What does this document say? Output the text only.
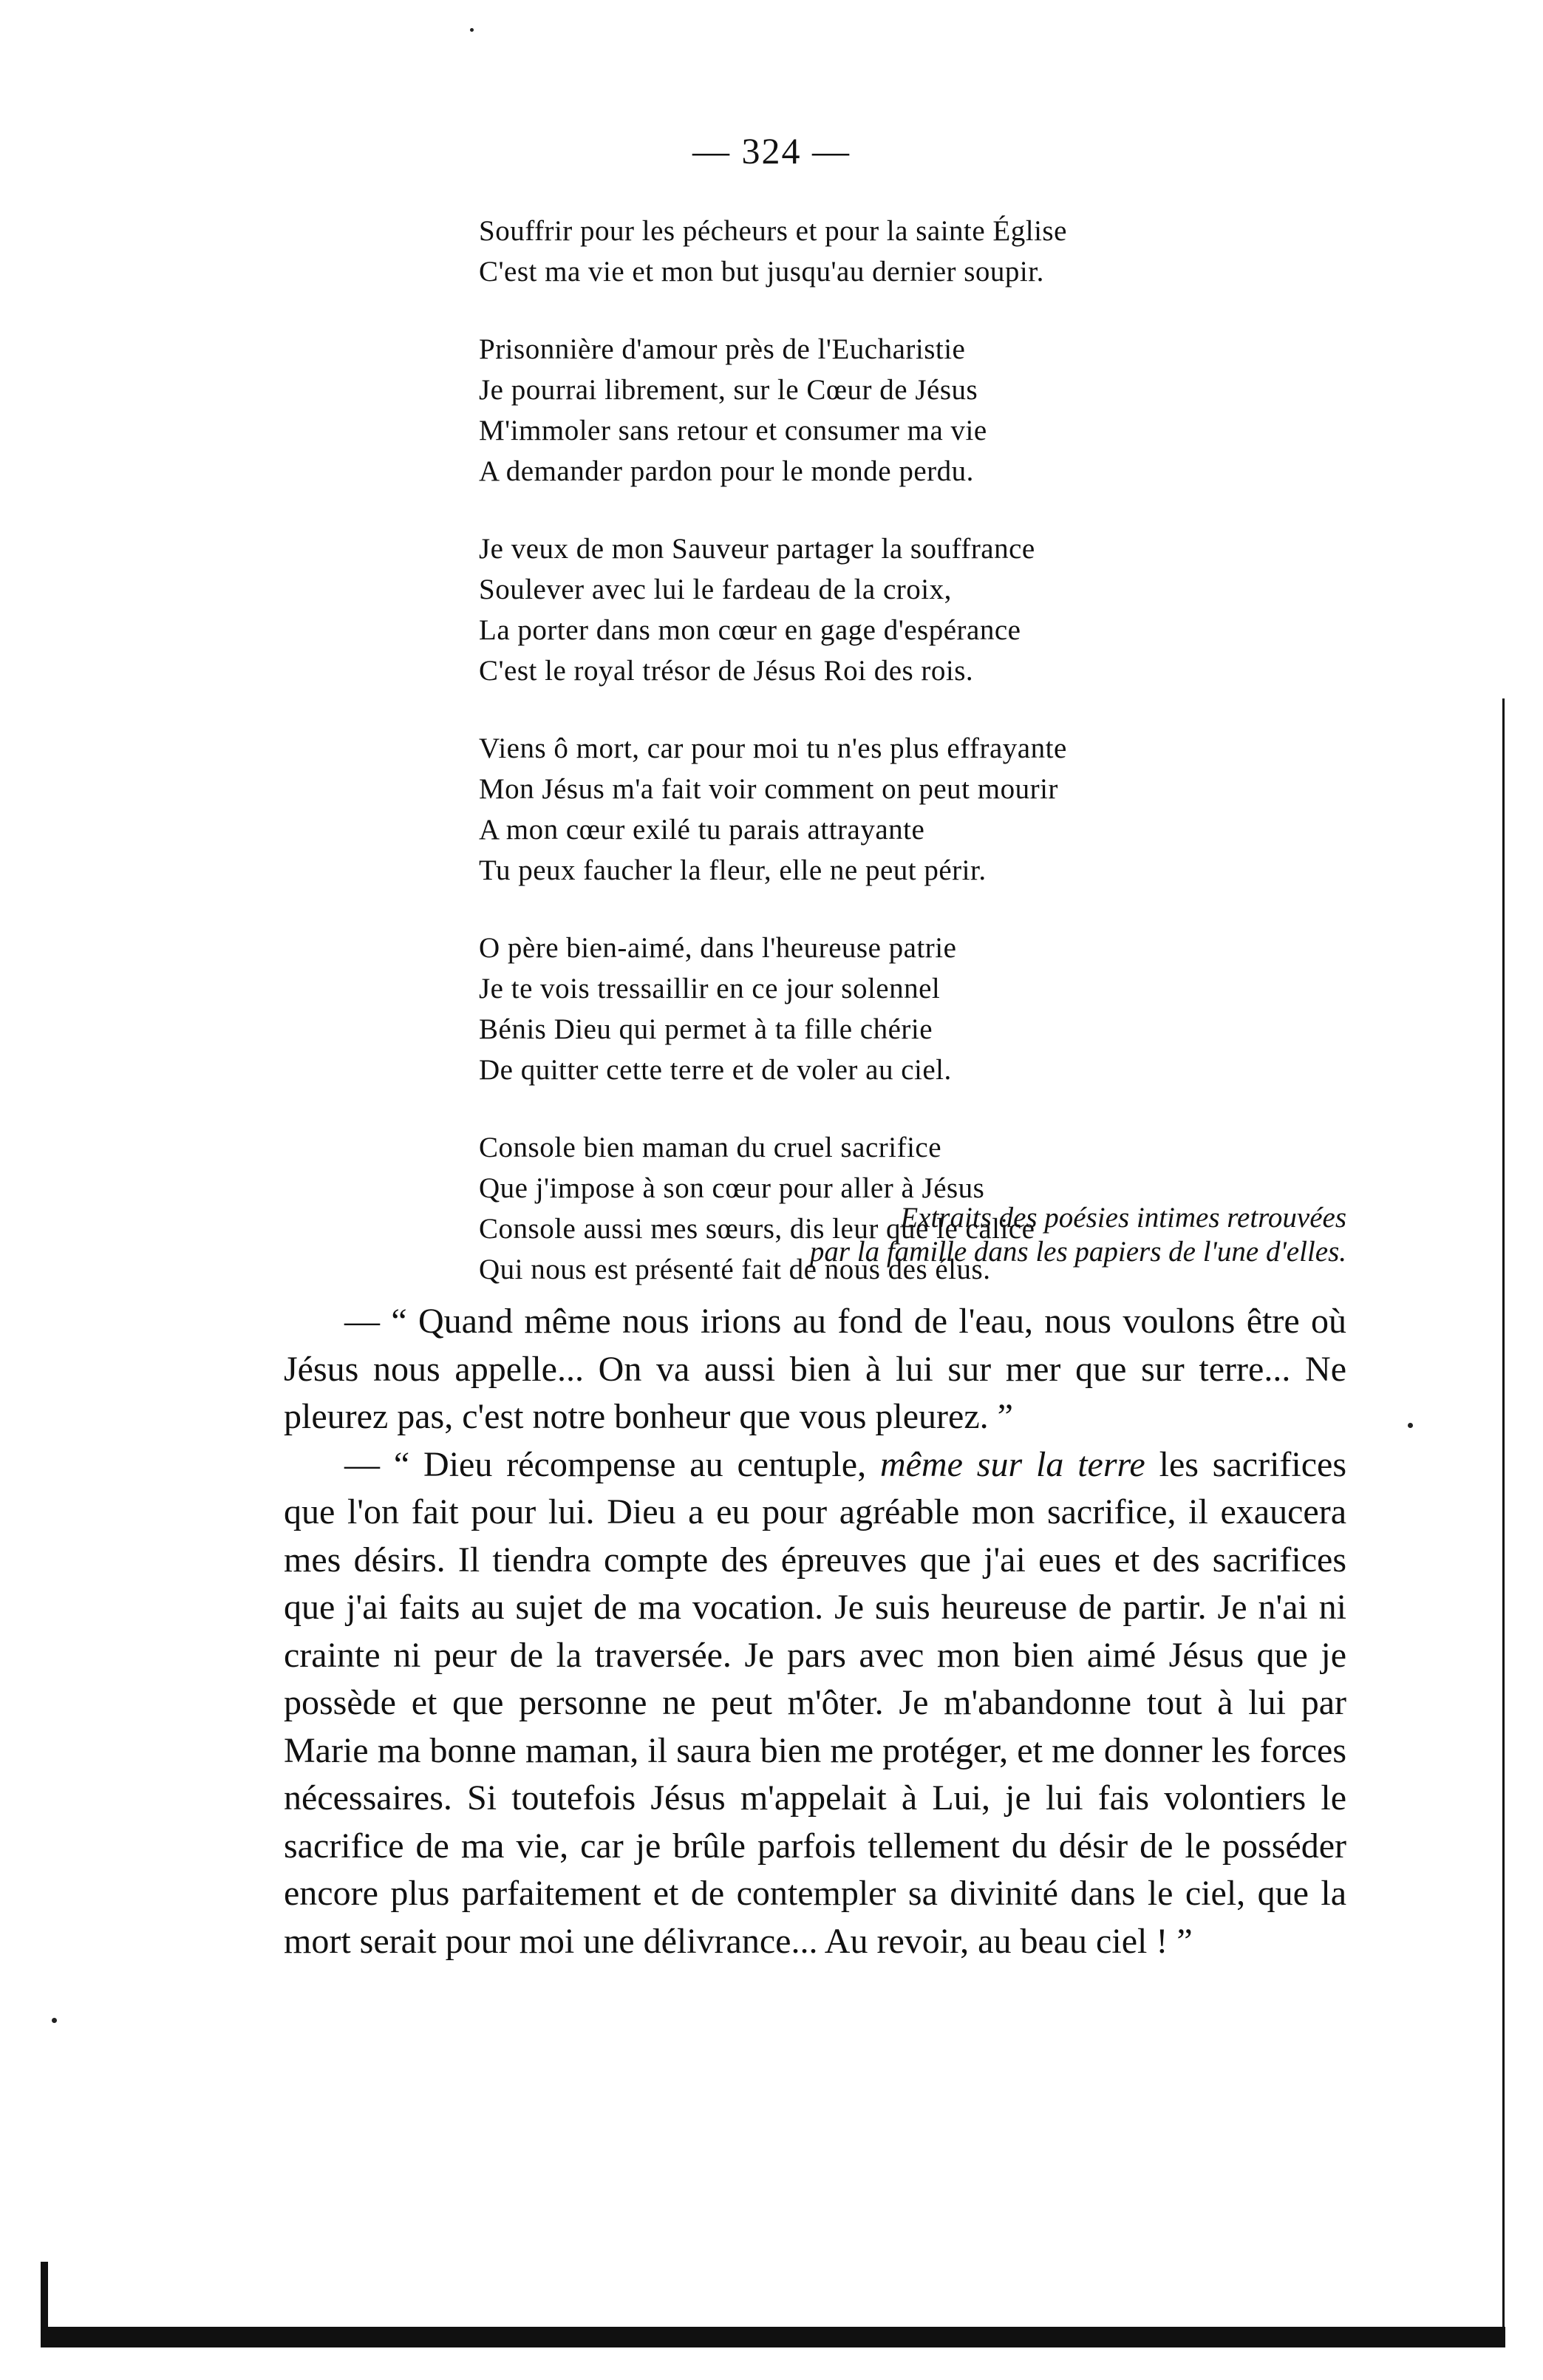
— 324 —
Souffrir pour les pécheurs et pour la sainte Église
C'est ma vie et mon but jusqu'au dernier soupir.
Prisonnière d'amour près de l'Eucharistie
Je pourrai librement, sur le Cœur de Jésus
M'immoler sans retour et consumer ma vie
A demander pardon pour le monde perdu.
Je veux de mon Sauveur partager la souffrance
Soulever avec lui le fardeau de la croix,
La porter dans mon cœur en gage d'espérance
C'est le royal trésor de Jésus Roi des rois.
Viens ô mort, car pour moi tu n'es plus effrayante
Mon Jésus m'a fait voir comment on peut mourir
A mon cœur exilé tu parais attrayante
Tu peux faucher la fleur, elle ne peut périr.
O père bien-aimé, dans l'heureuse patrie
Je te vois tressaillir en ce jour solennel
Bénis Dieu qui permet à ta fille chérie
De quitter cette terre et de voler au ciel.
Console bien maman du cruel sacrifice
Que j'impose à son cœur pour aller à Jésus
Console aussi mes sœurs, dis leur que le calice
Qui nous est présenté fait de nous des élus.
Extraits des poésies intimes retrouvées
par la famille dans les papiers de l'une d'elles.

— “ Quand même nous irions au fond de l'eau, nous voulons être où Jésus nous appelle... On va aussi bien à lui sur mer que sur terre... Ne pleurez pas, c'est notre bonheur que vous pleurez. ”

— “ Dieu récompense au centuple, même sur la terre les sacrifices que l'on fait pour lui. Dieu a eu pour agréable mon sacrifice, il exaucera mes désirs. Il tiendra compte des épreuves que j'ai eues et des sacrifices que j'ai faits au sujet de ma vocation. Je suis heureuse de partir. Je n'ai ni crainte ni peur de la traversée. Je pars avec mon bien aimé Jésus que je possède et que personne ne peut m'ôter. Je m'abandonne tout à lui par Marie ma bonne maman, il saura bien me protéger, et me donner les forces nécessaires. Si toutefois Jésus m'appelait à Lui, je lui fais volontiers le sacrifice de ma vie, car je brûle parfois tellement du désir de le posséder encore plus parfaitement et de contempler sa divinité dans le ciel, que la mort serait pour moi une délivrance... Au revoir, au beau ciel ! ”
